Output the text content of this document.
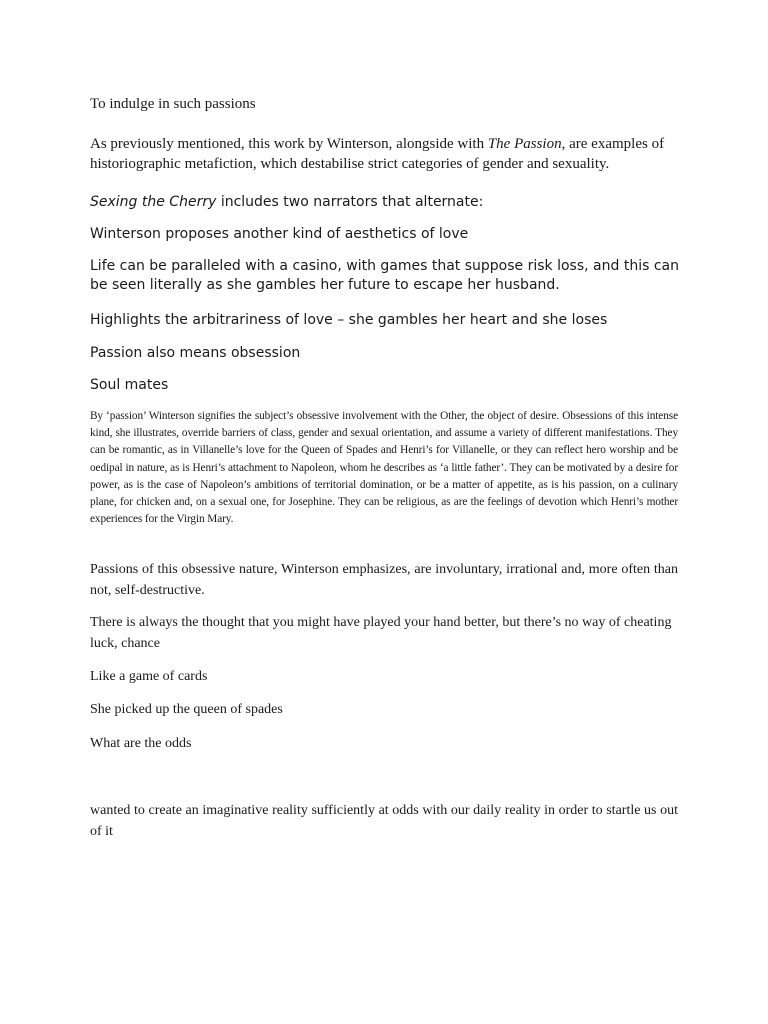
To indulge in such passions

As previously mentioned, this work by Winterson, alongside with The Passion, are examples of historiographic metafiction, which destabilise strict categories of gender and sexuality.

Sexing the Cherry includes two narrators that alternate:

Winterson proposes another kind of aesthetics of love

Life can be paralleled with a casino, with games that suppose risk loss, and this can be seen literally as she gambles her future to escape her husband.

Highlights the arbitrariness of love – she gambles her heart and she loses

Passion also means obsession

Soul mates

By ‘passion’ Winterson signifies the subject’s obsessive involvement with the Other, the object of desire. Obsessions of this intense kind, she illustrates, override barriers of class, gender and sexual orientation, and assume a variety of different manifestations. They can be romantic, as in Villanelle’s love for the Queen of Spades and Henri’s for Villanelle, or they can reflect hero worship and be oedipal in nature, as is Henri’s attachment to Napoleon, whom he describes as ‘a little father’. They can be motivated by a desire for power, as is the case of Napoleon’s ambitions of territorial domination, or be a matter of appetite, as is his passion, on a culinary plane, for chicken and, on a sexual one, for Josephine. They can be religious, as are the feelings of devotion which Henri’s mother experiences for the Virgin Mary.

Passions of this obsessive nature, Winterson emphasizes, are involuntary, irrational and, more often than not, self-destructive.

There is always the thought that you might have played your hand better, but there’s no way of cheating luck, chance

Like a game of cards

She picked up the queen of spades

What are the odds

wanted to create an imaginative reality sufficiently at odds with our daily reality in order to startle us out of it
